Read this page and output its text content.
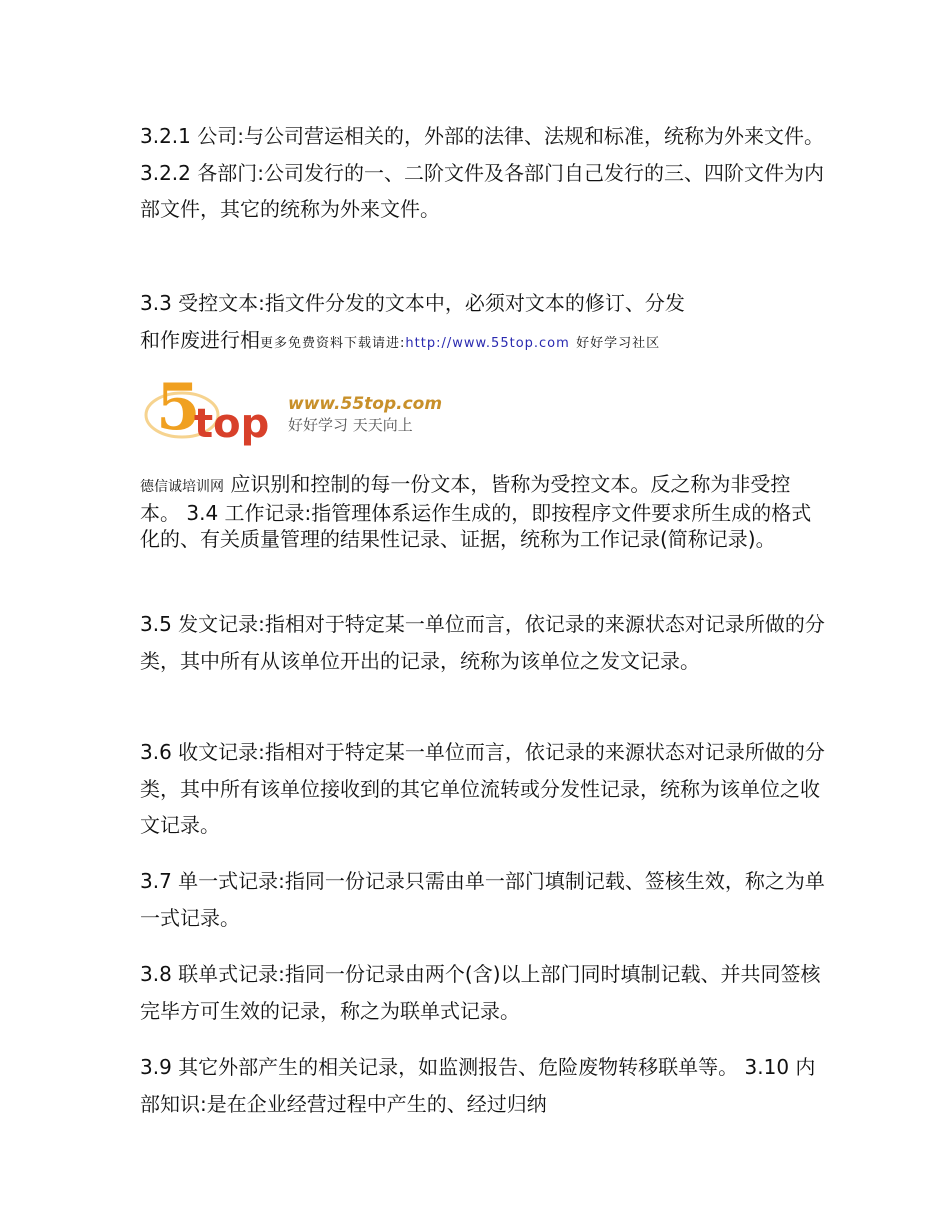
3.2.1 公司:与公司营运相关的，外部的法律、法规和标准，统称为外来文件。 3.2.2 各部门:公司发行的一、二阶文件及各部门自己发行的三、四阶文件为内部文件，其它的统称为外来文件。

3.3 受控文本:指文件分发的文本中，必须对文本的修订、分发
和作废进行相更多免费资料下载请进:http://www.55top.com 好好学习社区
5
top www.55top.com
好好学习 天天向上

德信诚培训网 应识别和控制的每一份文本，皆称为受控文本。反之称为非受控本。 3.4 工作记录:指管理体系运作生成的，即按程序文件要求所生成的格式化的、有关质量管理的结果性记录、证据，统称为工作记录(简称记录)。

3.5 发文记录:指相对于特定某一单位而言，依记录的来源状态对记录所做的分类，其中所有从该单位开出的记录，统称为该单位之发文记录。

3.6 收文记录:指相对于特定某一单位而言，依记录的来源状态对记录所做的分类，其中所有该单位接收到的其它单位流转或分发性记录，统称为该单位之收文记录。

3.7 单一式记录:指同一份记录只需由单一部门填制记载、签核生效，称之为单一式记录。

3.8 联单式记录:指同一份记录由两个(含)以上部门同时填制记载、并共同签核完毕方可生效的记录，称之为联单式记录。

3.9 其它外部产生的相关记录，如监测报告、危险废物转移联单等。 3.10 内部知识:是在企业经营过程中产生的、经过归纳
